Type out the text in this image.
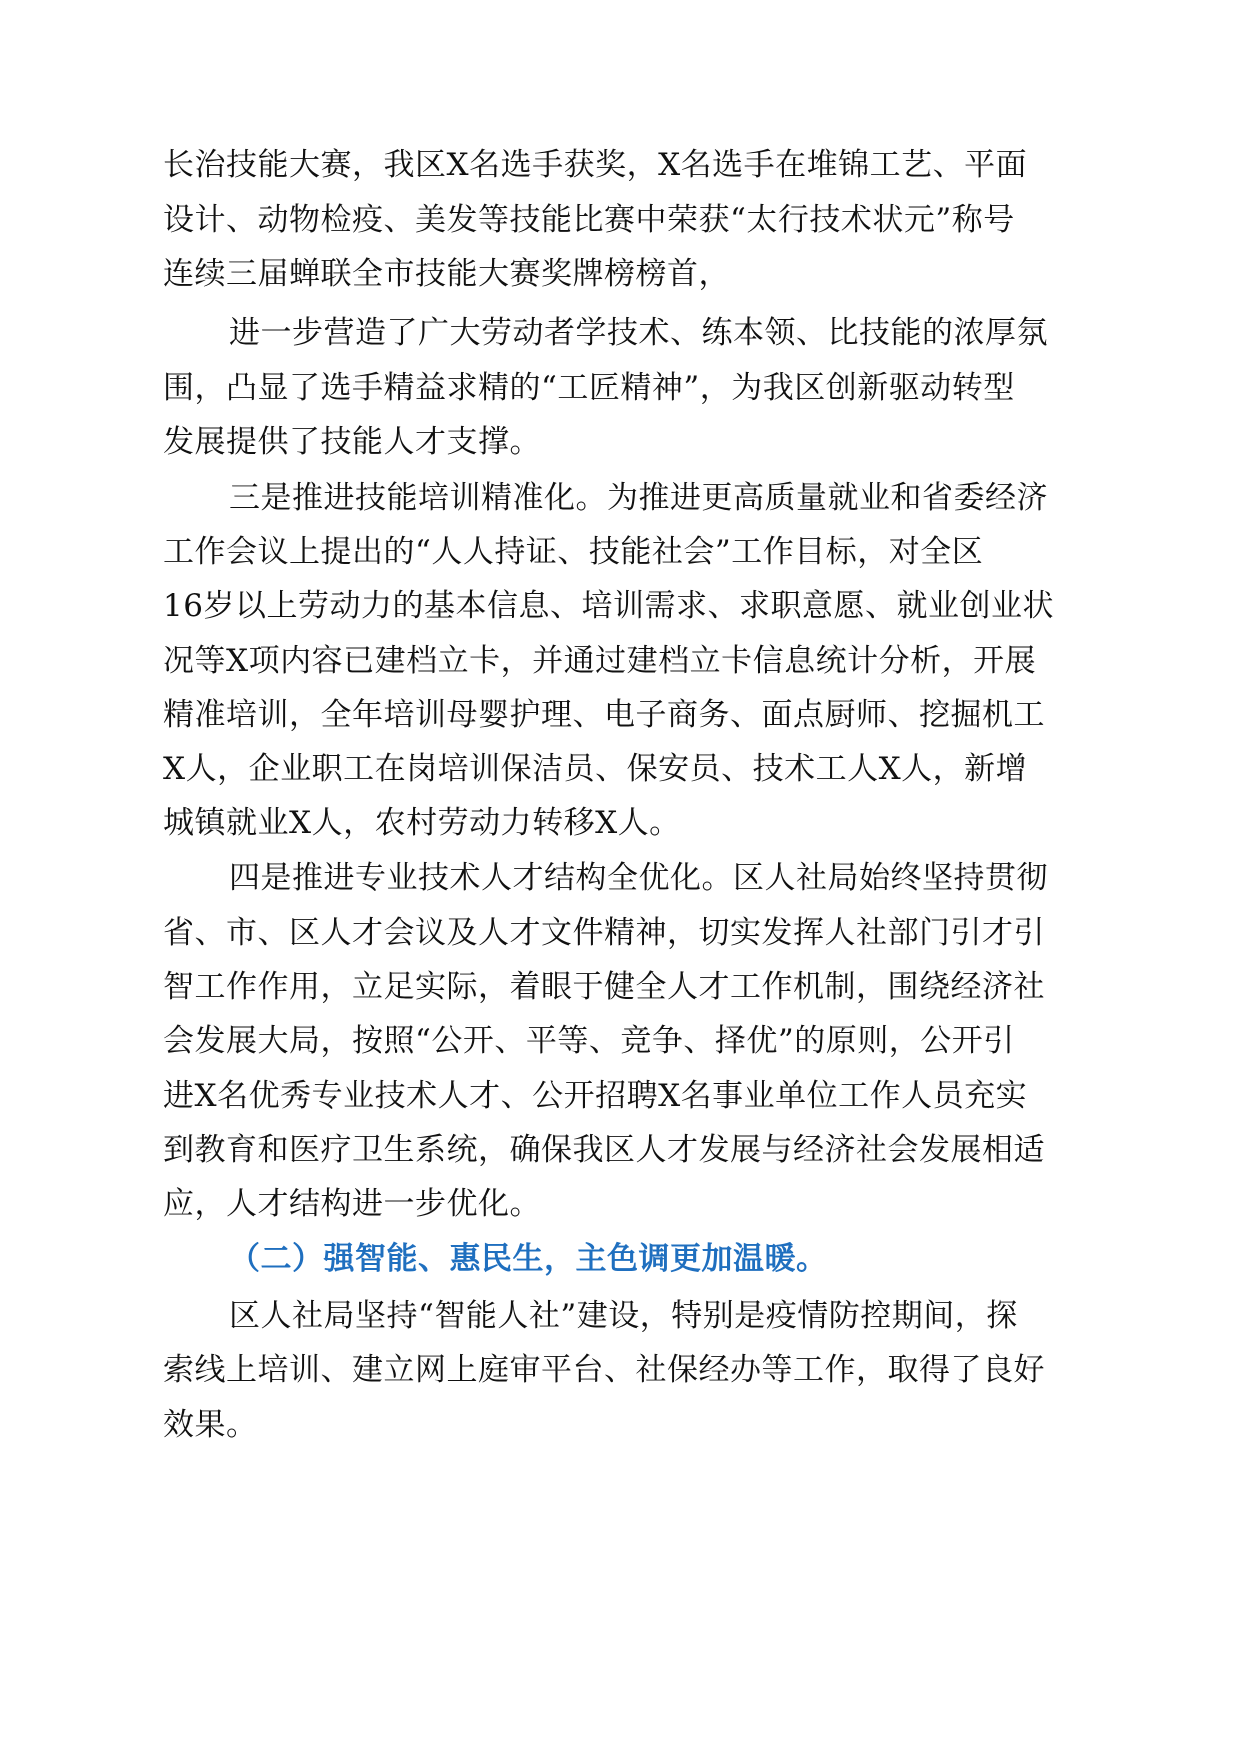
长治技能大赛，我区X名选手获奖，X名选手在堆锦工艺、平面
设计、动物检疫、美发等技能比赛中荣获“太行技术状元”称号
连续三届蝉联全市技能大赛奖牌榜榜首，
进一步营造了广大劳动者学技术、练本领、比技能的浓厚氛
围，凸显了选手精益求精的“工匠精神”，为我区创新驱动转型
发展提供了技能人才支撑。
三是推进技能培训精准化。为推进更高质量就业和省委经济
工作会议上提出的“人人持证、技能社会”工作目标，对全区
16岁以上劳动力的基本信息、培训需求、求职意愿、就业创业状
况等X项内容已建档立卡，并通过建档立卡信息统计分析，开展
精准培训，全年培训母婴护理、电子商务、面点厨师、挖掘机工
X人，企业职工在岗培训保洁员、保安员、技术工人X人，新增
城镇就业X人，农村劳动力转移X人。
四是推进专业技术人才结构全优化。区人社局始终坚持贯彻
省、市、区人才会议及人才文件精神，切实发挥人社部门引才引
智工作作用，立足实际，着眼于健全人才工作机制，围绕经济社
会发展大局，按照“公开、平等、竞争、择优”的原则，公开引
进X名优秀专业技术人才、公开招聘X名事业单位工作人员充实
到教育和医疗卫生系统，确保我区人才发展与经济社会发展相适
应，人才结构进一步优化。
（二）强智能、惠民生，主色调更加温暖。
区人社局坚持“智能人社”建设，特别是疫情防控期间，探
索线上培训、建立网上庭审平台、社保经办等工作，取得了良好
效果。
